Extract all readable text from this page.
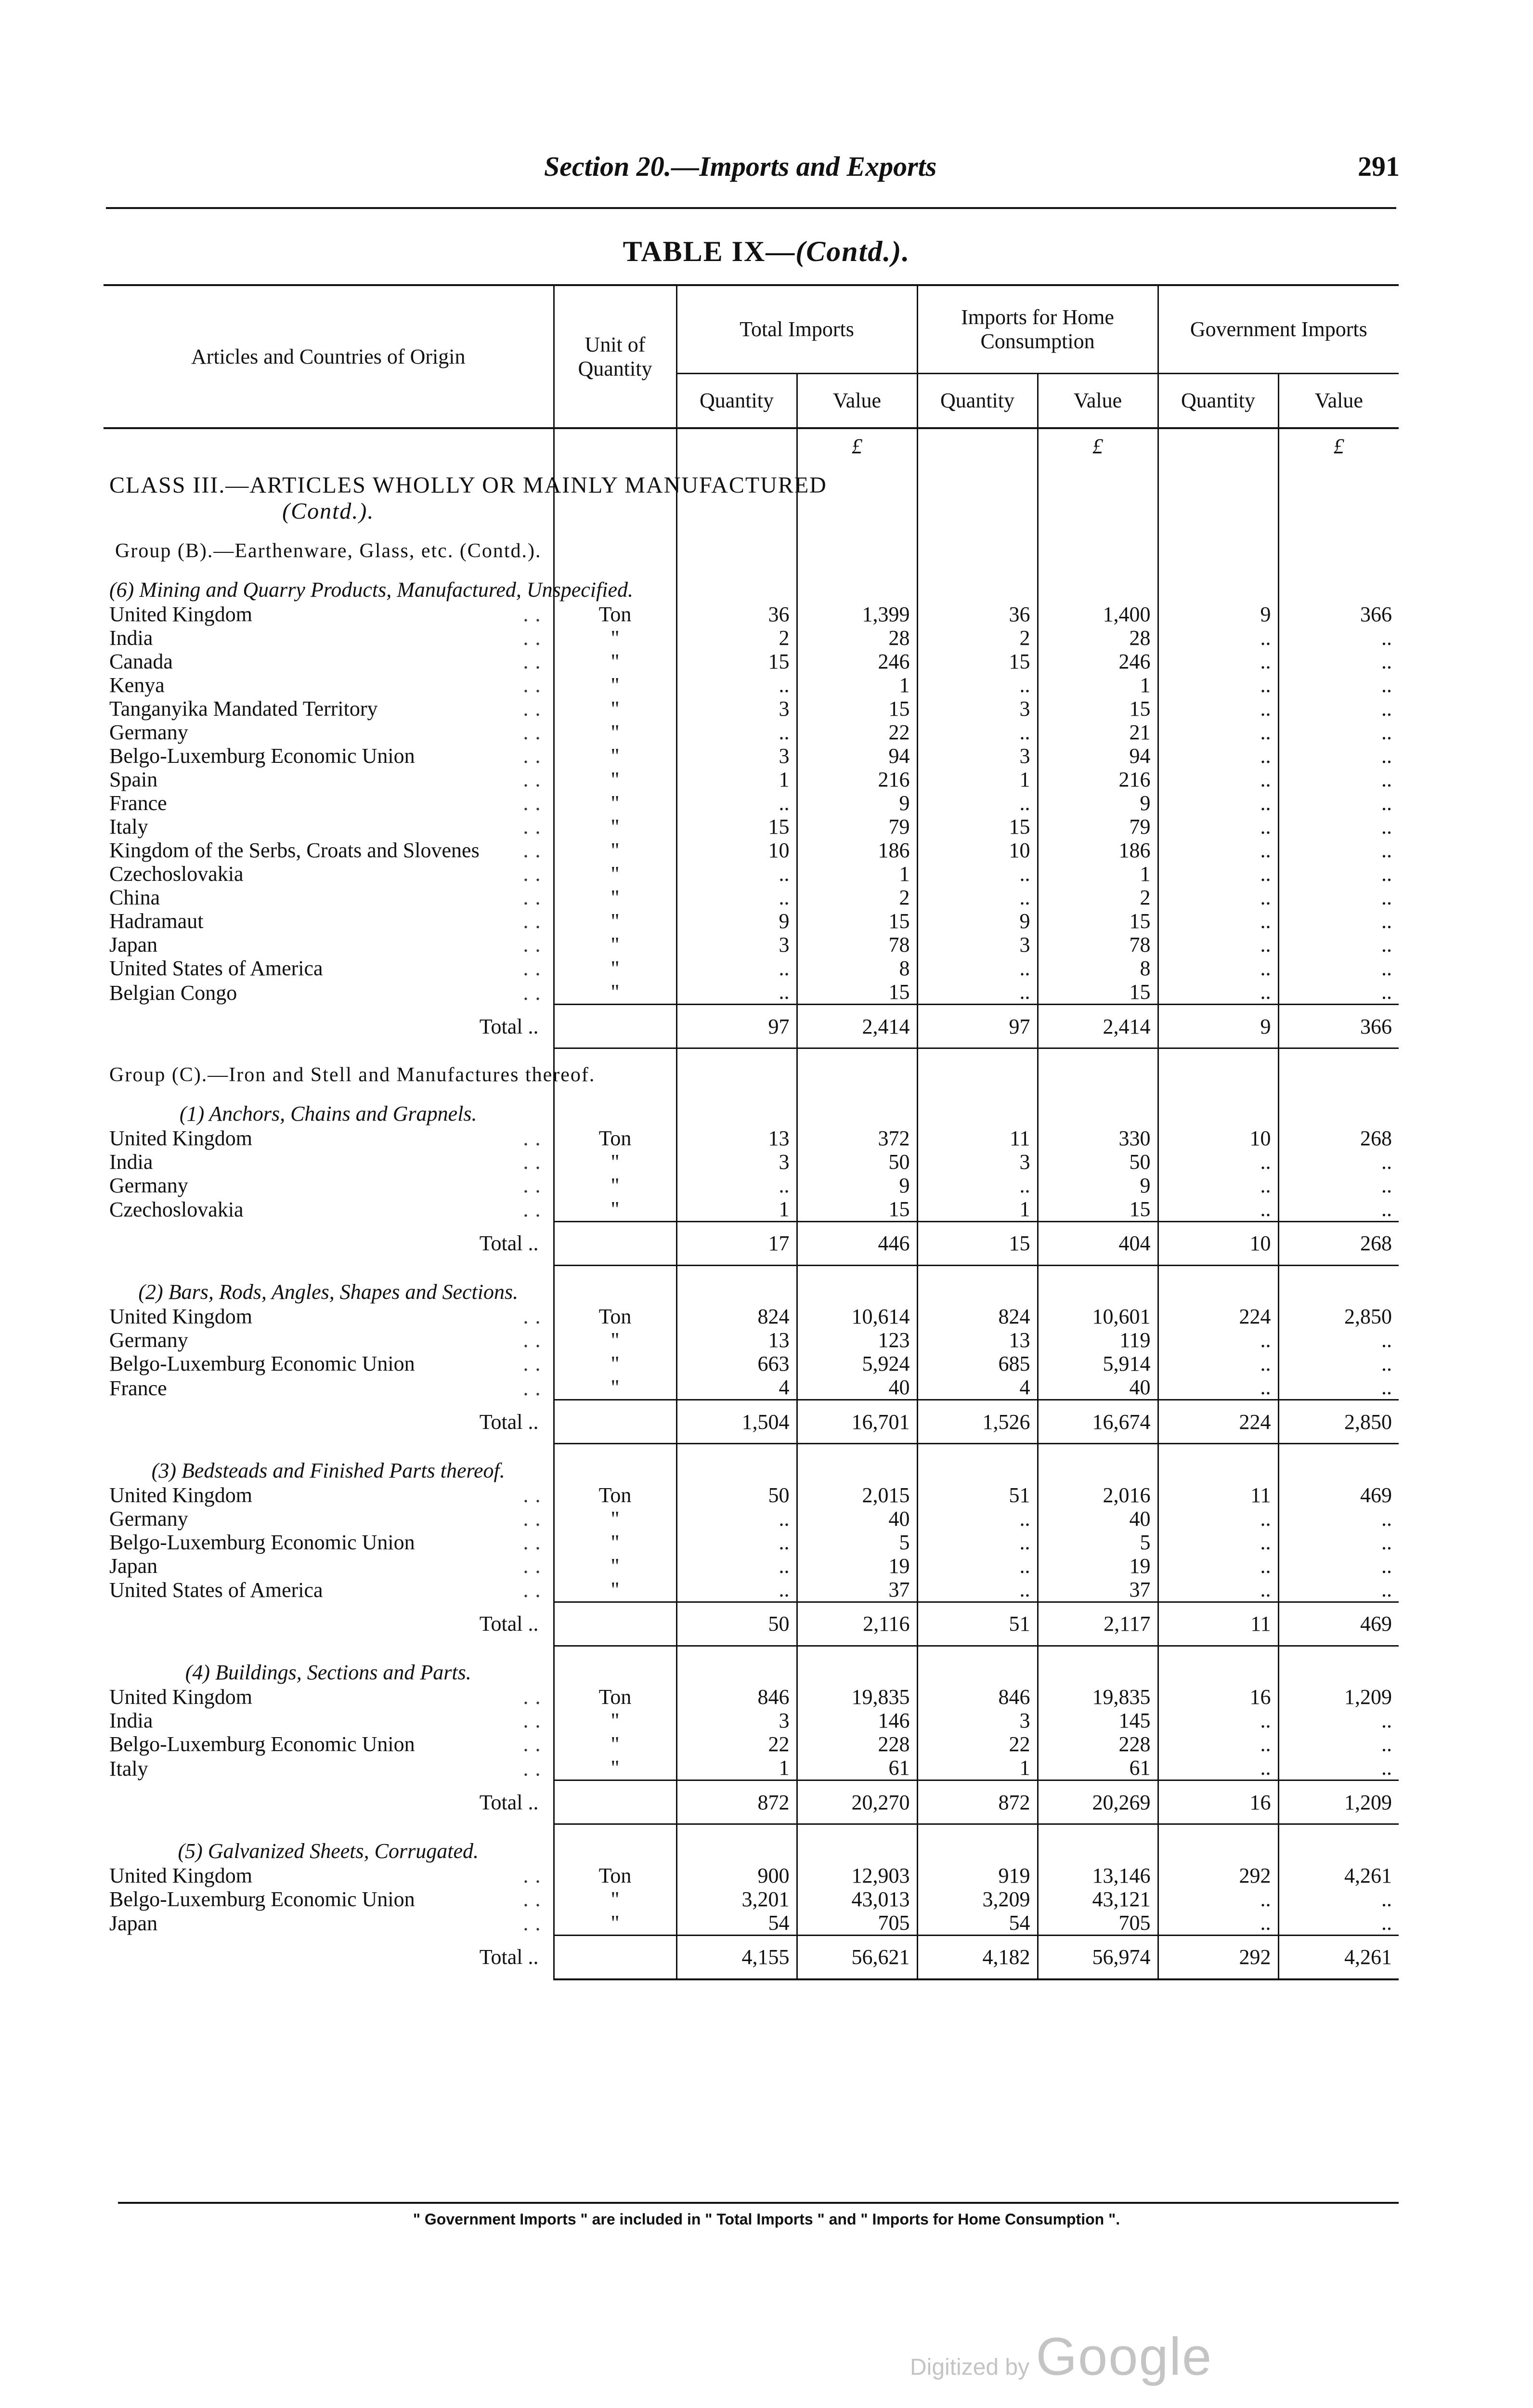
Section 20.—Imports and Exports	291
TABLE IX—(Contd.).
Articles and Countries of Origin	Unit of Quantity	Total Imports		Imports for Home Consumption		Government Imports	
		Quantity	Value	Quantity	Value	Quantity	Value
			£		£		£
CLASS III.—ARTICLES WHOLLY OR MAINLY MANUFACTURED
(Contd.).							
Group (B).—Earthenware, Glass, etc. (Contd.).							
(6) Mining and Quarry Products, Manufactured, Unspecified.							

United Kingdom ..	Ton	36	1,399	36	1,400	9	366

India ..	"	2	28	2	28	..	..

Canada ..	"	15	246	15	246	..	..

Kenya ..	"	..	1	..	1	..	..

Tanganyika Mandated Territory ..	"	3	15	3	15	..	..

Germany ..	"	..	22	..	21	..	..

Belgo-Luxemburg Economic Union ..	"	3	94	3	94	..	..

Spain ..	"	1	216	1	216	..	..

France ..	"	..	9	..	9	..	..

Italy ..	"	15	79	15	79	..	..

Kingdom of the Serbs, Croats and Slovenes ..	"	10	186	10	186	..	..

Czechoslovakia ..	"	..	1	..	1	..	..

China ..	"	..	2	..	2	..	..

Hadramaut ..	"	9	15	9	15	..	..

Japan ..	"	3	78	3	78	..	..

United States of America ..	"	..	8	..	8	..	..

Belgian Congo ..	"	..	15	..	15	..	..
Total ..		97	2,414	97	2,414	9	366
Group (C).—Iron and Stell and Manufactures thereof.							
(1) Anchors, Chains and Grapnels.							

United Kingdom ..	Ton	13	372	11	330	10	268

India ..	"	3	50	3	50	..	..

Germany ..	"	..	9	..	9	..	..

Czechoslovakia ..	"	1	15	1	15	..	..
Total ..		17	446	15	404	10	268
(2) Bars, Rods, Angles, Shapes and Sections.							

United Kingdom ..	Ton	824	10,614	824	10,601	224	2,850

Germany ..	"	13	123	13	119	..	..

Belgo-Luxemburg Economic Union ..	"	663	5,924	685	5,914	..	..

France ..	"	4	40	4	40	..	..
Total ..		1,504	16,701	1,526	16,674	224	2,850
(3) Bedsteads and Finished Parts thereof.							

United Kingdom ..	Ton	50	2,015	51	2,016	11	469

Germany ..	"	..	40	..	40	..	..

Belgo-Luxemburg Economic Union ..	"	..	5	..	5	..	..

Japan ..	"	..	19	..	19	..	..

United States of America ..	"	..	37	..	37	..	..
Total ..		50	2,116	51	2,117	11	469
(4) Buildings, Sections and Parts.							

United Kingdom ..	Ton	846	19,835	846	19,835	16	1,209

India ..	"	3	146	3	145	..	..

Belgo-Luxemburg Economic Union ..	"	22	228	22	228	..	..

Italy ..	"	1	61	1	61	..	..
Total ..		872	20,270	872	20,269	16	1,209
(5) Galvanized Sheets, Corrugated.							

United Kingdom ..	Ton	900	12,903	919	13,146	292	4,261

Belgo-Luxemburg Economic Union ..	"	3,201	43,013	3,209	43,121	..	..

Japan ..	"	54	705	54	705	..	..
Total ..		4,155	56,621	4,182	56,974	292	4,261
" Government Imports " are included in " Total Imports " and " Imports for Home Consumption ".
Digitized by Google
